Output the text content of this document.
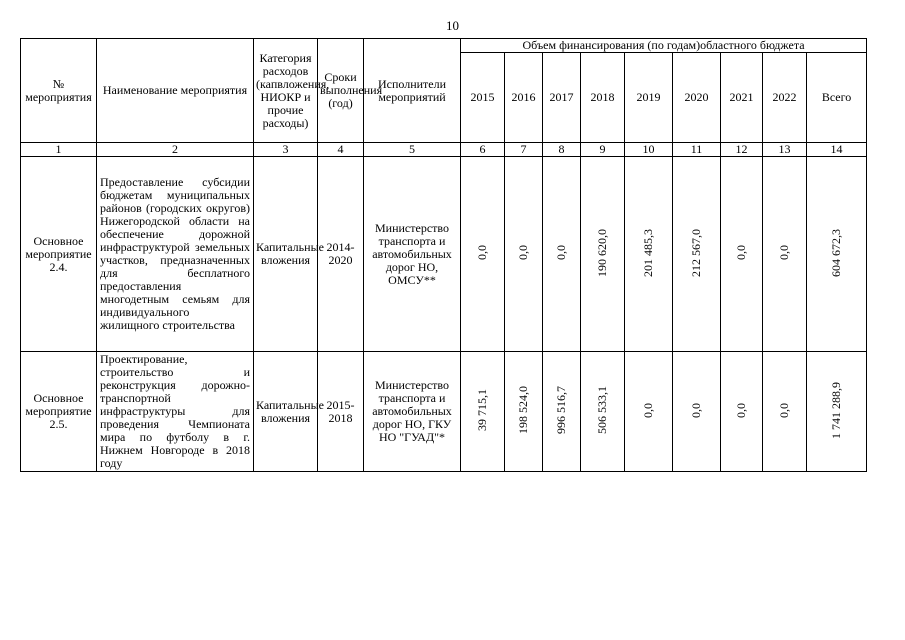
10
№ мероприятия	Наименование мероприятия	Категория расходов (капвложения, НИОКР и прочие расходы)	Сроки выполнения (год)	Исполнители мероприятий	Объем финансирования (по годам)областного бюджета								
					2015	2016	2017	2018	2019	2020	2021	2022	Всего
1	2	3	4	5	6	7	8	9	10	11	12	13	14
Основное мероприятие 2.4.	Предоставление субсидии бюджетам муниципальных районов (городских округов) Нижегородской области на обеспечение дорожной инфраструктурой земельных участков, предназначенных для бесплатного предоставления многодетным семьям для индивидуального жилищного строительства	Капитальные вложения	2014-2020	Министерство транспорта и автомобильных дорог НО, ОМСУ**	0,0	0,0	0,0	190 620,0	201 485,3	212 567,0	0,0	0,0	604 672,3
Основное мероприятие 2.5.	Проектирование, строительство и реконструкция дорожно-транспортной инфраструктуры для проведения Чемпионата мира по футболу в г. Нижнем Новгороде в 2018 году	Капитальные вложения	2015-2018	Министерство транспорта и автомобильных дорог НО, ГКУ НО "ГУАД"*	39 715,1	198 524,0	996 516,7	506 533,1	0,0	0,0	0,0	0,0	1 741 288,9
